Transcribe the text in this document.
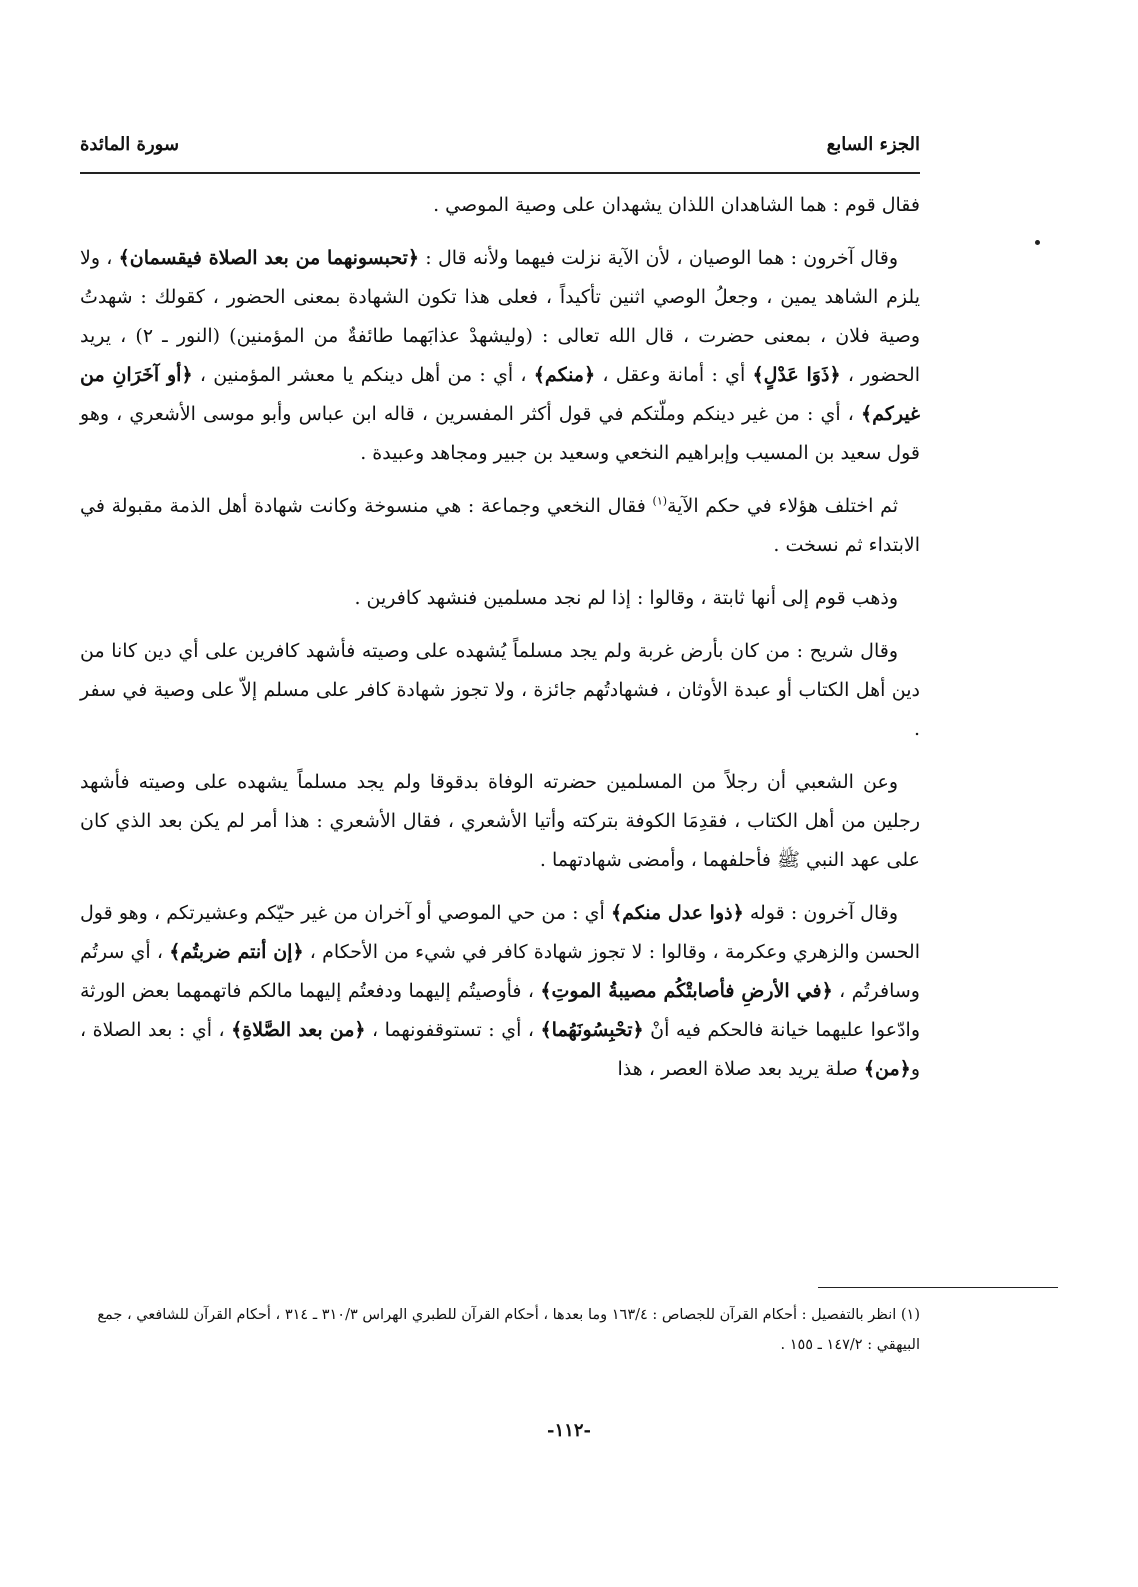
الجزء السابع
سورة المائدة

فقال قوم : هما الشاهدان اللذان يشهدان على وصية الموصي .

وقال آخرون : هما الوصيان ، لأن الآية نزلت فيهما ولأنه قال : ﴿تحبسونهما من بعد الصلاة فيقسمان﴾ ، ولا يلزم الشاهد يمين ، وجعلُ الوصي اثنين تأكيداً ، فعلى هذا تكون الشهادة بمعنى الحضور ، كقولك : شهدتُ وصية فلان ، بمعنى حضرت ، قال الله تعالى : (وليشهدْ عذابَهما طائفةٌ من المؤمنين) (النور ـ ٢) ، يريد الحضور ، ﴿ذَوَا عَدْلٍ﴾ أي : أمانة وعقل ، ﴿منكم﴾ ، أي : من أهل دينكم يا معشر المؤمنين ، ﴿أو آخَرَانِ من غيركم﴾ ، أي : من غير دينكم وملّتكم في قول أكثر المفسرين ، قاله ابن عباس وأبو موسى الأشعري ، وهو قول سعيد بن المسيب وإبراهيم النخعي وسعيد بن جبير ومجاهد وعبيدة .

ثم اختلف هؤلاء في حكم الآية$^{(١)}$ فقال النخعي وجماعة : هي منسوخة وكانت شهادة أهل الذمة مقبولة في الابتداء ثم نسخت .

وذهب قوم إلى أنها ثابتة ، وقالوا : إذا لم نجد مسلمين فنشهد كافرين .

وقال شريح : من كان بأرض غربة ولم يجد مسلماً يُشهده على وصيته فأشهد كافرين على أي دين كانا من دين أهل الكتاب أو عبدة الأوثان ، فشهادتُهم جائزة ، ولا تجوز شهادة كافر على مسلم إلاّ على وصية في سفر .

وعن الشعبي أن رجلاً من المسلمين حضرته الوفاة بدقوقا ولم يجد مسلماً يشهده على وصيته فأشهد رجلين من أهل الكتاب ، فقدِمَا الكوفة بتركته وأتيا الأشعري ، فقال الأشعري : هذا أمر لم يكن بعد الذي كان على عهد النبي ﷺ فأحلفهما ، وأمضى شهادتهما .

وقال آخرون : قوله ﴿ذوا عدل منكم﴾ أي : من حي الموصي أو آخران من غير حيّكم وعشيرتكم ، وهو قول الحسن والزهري وعكرمة ، وقالوا : لا تجوز شهادة كافر في شيء من الأحكام ، ﴿إن أنتم ضربتُم﴾ ، أي سرتُم وسافرتُم ، ﴿في الأرضِ فأصابتْكُم مصيبةُ الموتِ﴾ ، فأوصيتُم إليهما ودفعتُم إليهما مالكم فاتهمهما بعض الورثة وادّعوا عليهما خيانة فالحكم فيه أنْ ﴿تحْبِسُونَهُما﴾ ، أي : تستوقفونهما ، ﴿من بعد الصَّلاةِ﴾ ، أي : بعد الصلاة ، و﴿من﴾ صلة يريد بعد صلاة العصر ، هذا

(١) انظر بالتفصيل : أحكام القرآن للجصاص : ١٦٣/٤ وما بعدها ، أحكام القرآن للطبري الهراس ٣١٠/٣ ـ ٣١٤ ، أحكام القرآن للشافعي ، جمع البيهقي : ١٤٧/٢ ـ ١٥٥ .
-١١٢-
